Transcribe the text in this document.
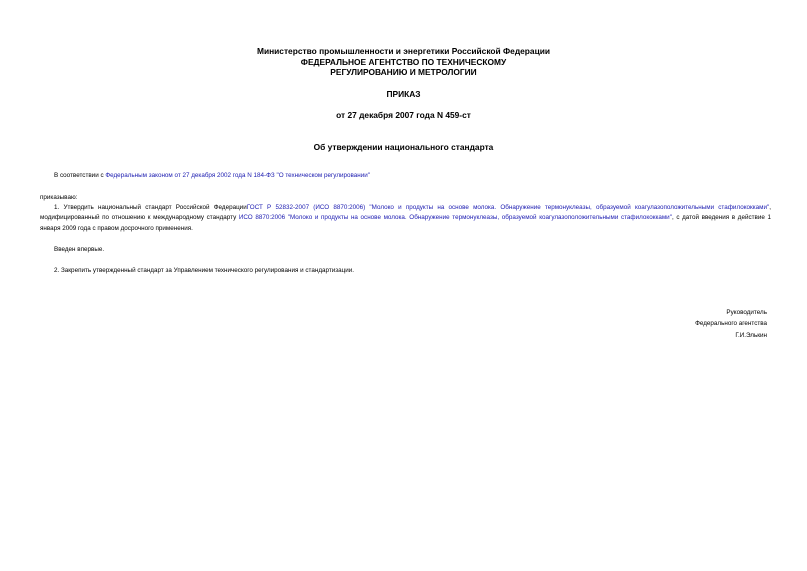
Министерство промышленности и энергетики Российской Федерации
ФЕДЕРАЛЬНОЕ АГЕНТСТВО ПО ТЕХНИЧЕСКОМУ
РЕГУЛИРОВАНИЮ И МЕТРОЛОГИИ
ПРИКАЗ
от 27 декабря 2007 года N 459-ст
Об утверждении национального стандарта
В соответствии с Федеральным законом от 27 декабря 2002 года N 184-ФЗ "О техническом регулировании"
приказываю:
1. Утвердить национальный стандарт Российской ФедерацииГОСТ Р 52832-2007 (ИСО 8870:2006) "Молоко и продукты на основе молока. Обнаружение термонуклеазы, образуемой коагулазоположительными стафилококками", модифицированный по отношению к международному стандарту ИСО 8870:2006 "Молоко и продукты на основе молока. Обнаружение термонуклеазы, образуемой коагулазоположительными стафилококками", с датой введения в действие 1 января 2009 года с правом досрочного применения.
Введен впервые.
2. Закрепить утвержденный стандарт за Управлением технического регулирования и стандартизации.
Руководитель
Федерального агентства
Г.И.Элькин
